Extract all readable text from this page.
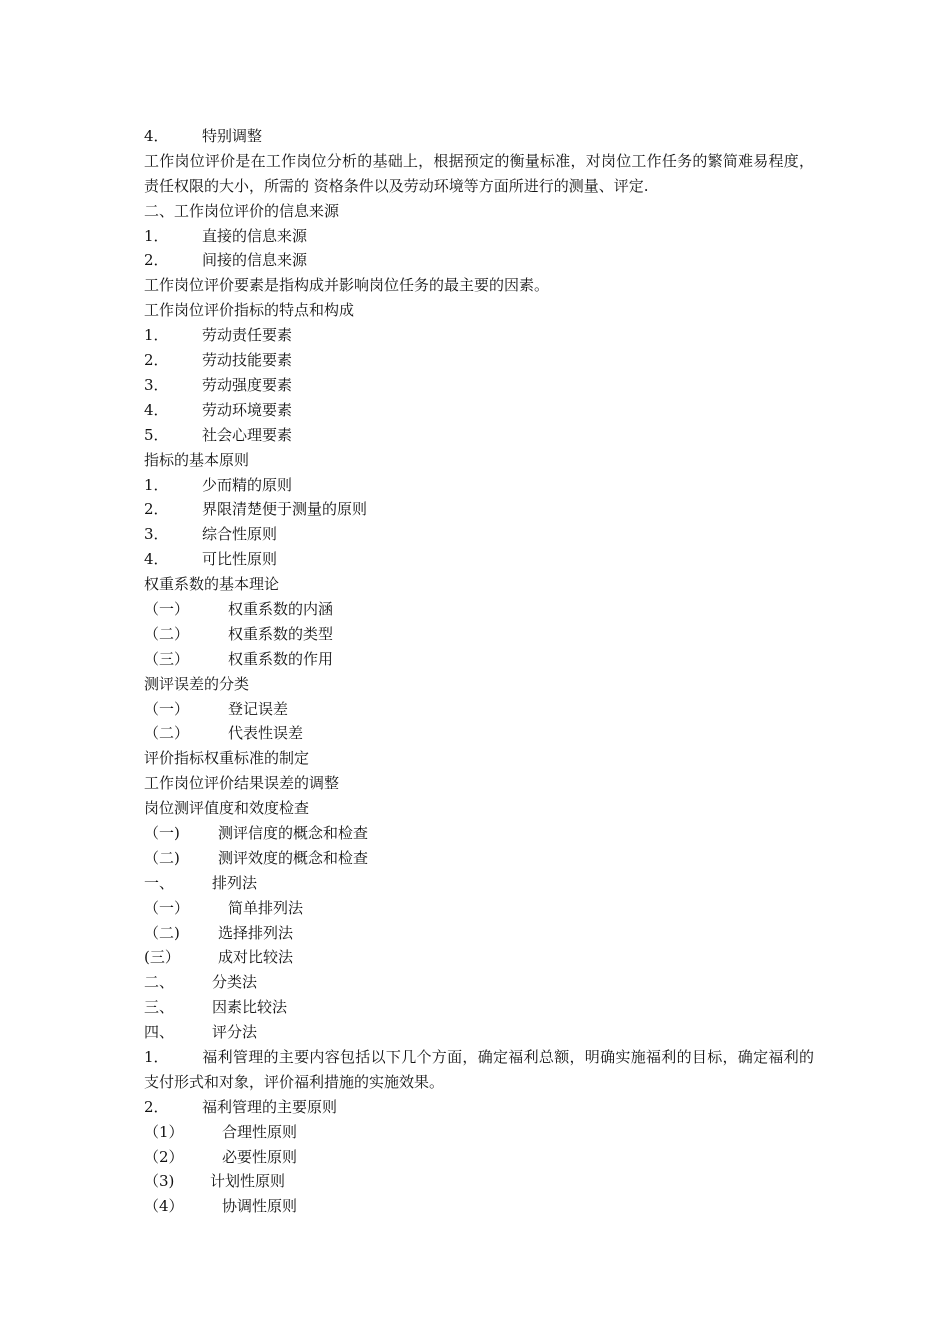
4． 特别调整
工作岗位评价是在工作岗位分析的基础上，根据预定的衡量标准，对岗位工作任务的繁简难易程度，责任权限的大小，所需的 资格条件以及劳动环境等方面所进行的测量、评定.
二、工作岗位评价的信息来源
1． 直接的信息来源
2． 间接的信息来源
工作岗位评价要素是指构成并影响岗位任务的最主要的因素。
工作岗位评价指标的特点和构成
1． 劳动责任要素
2． 劳动技能要素
3． 劳动强度要素
4． 劳动环境要素
5． 社会心理要素
指标的基本原则
1． 少而精的原则
2． 界限清楚便于测量的原则
3． 综合性原则
4． 可比性原则
权重系数的基本理论
（一）	权重系数的内涵
（二）	权重系数的类型
（三）	权重系数的作用
测评误差的分类
（一）	登记误差
（二）	代表性误差
评价指标权重标准的制定
工作岗位评价结果误差的调整
岗位测评值度和效度检查
（一)	测评信度的概念和检查
（二)	测评效度的概念和检查
一、	排列法
（一）	简单排列法
（二)	选择排列法
(三）	成对比较法
二、	分类法
三、	因素比较法
四、	评分法
1． 福利管理的主要内容包括以下几个方面，确定福利总额，明确实施福利的目标，确定福利的支付形式和对象，评价福利措施的实施效果。
2． 福利管理的主要原则
（1）	合理性原则
（2）	必要性原则
（3) 计划性原则
（4）	协调性原则
